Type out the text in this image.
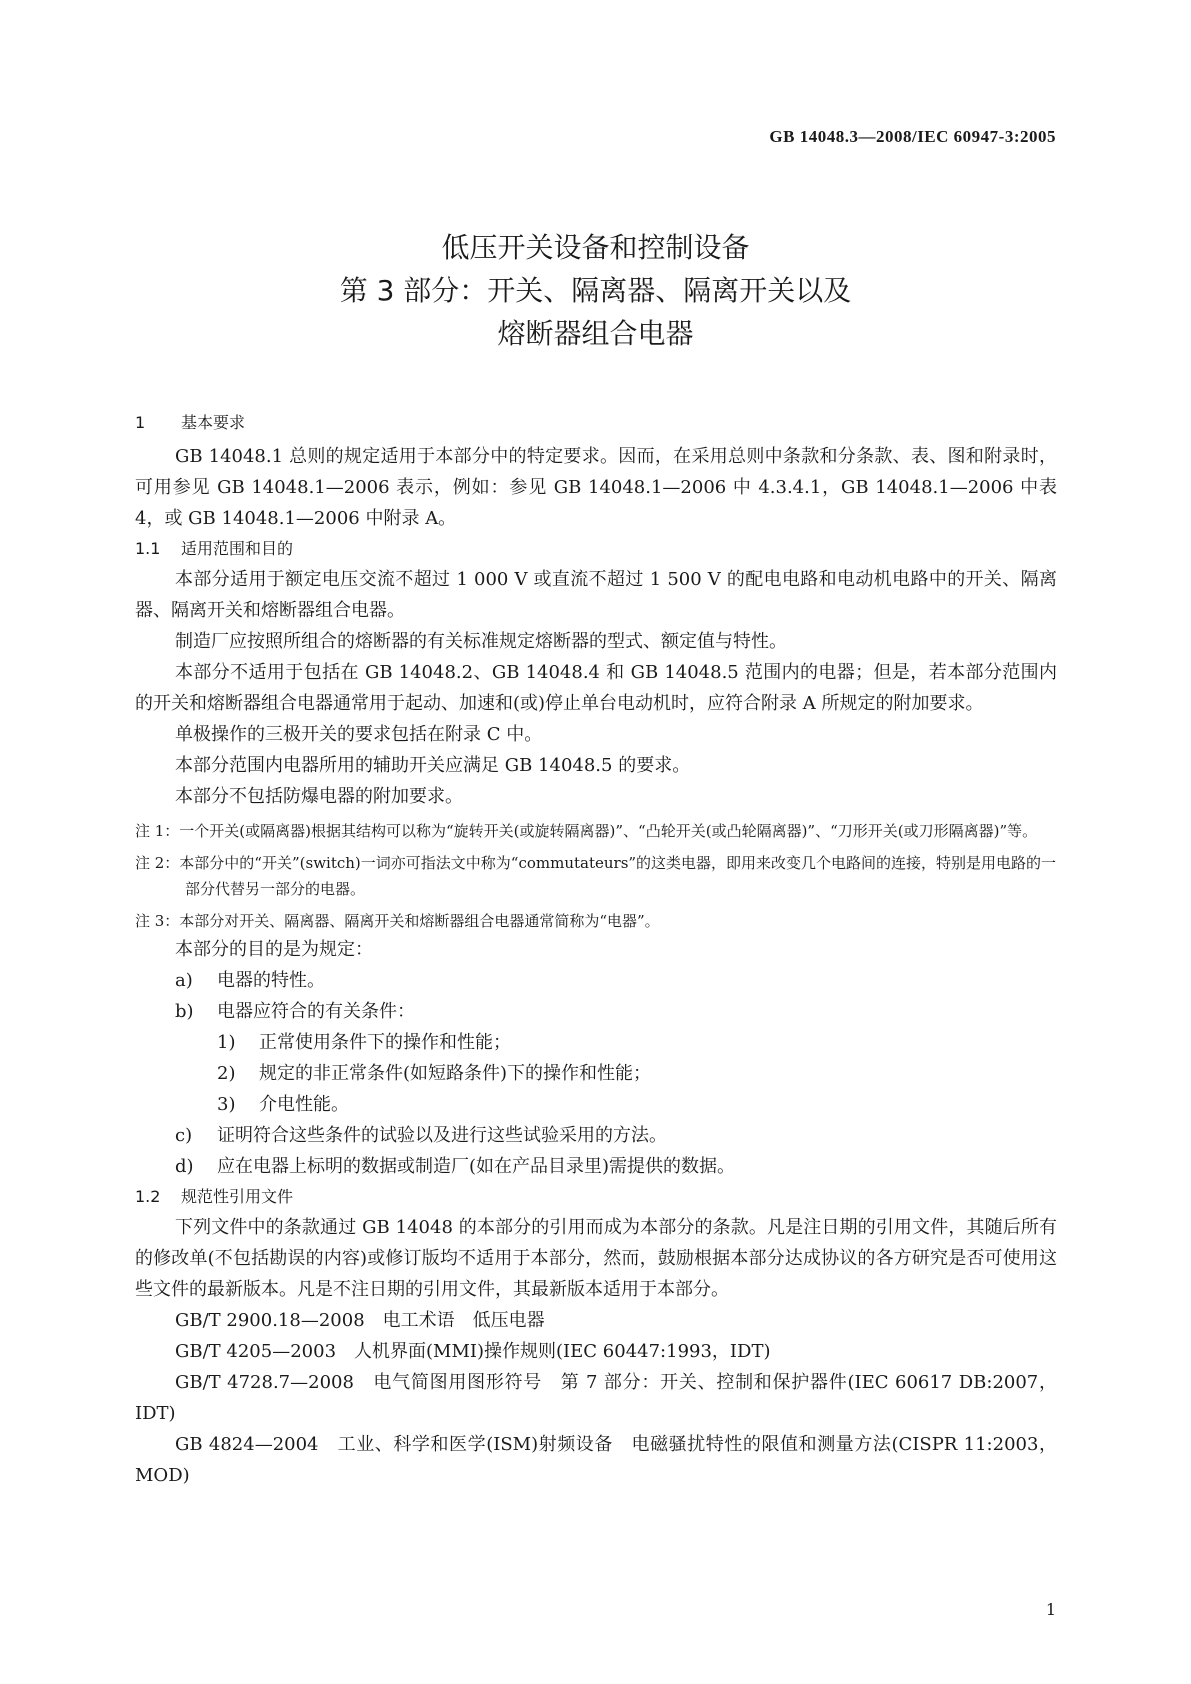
GB 14048.3—2008/IEC 60947-3:2005
低压开关设备和控制设备
第 3 部分：开关、隔离器、隔离开关以及
熔断器组合电器
1 基本要求

GB 14048.1 总则的规定适用于本部分中的特定要求。因而，在采用总则中条款和分条款、表、图和附录时，可用参见 GB 14048.1—2006 表示，例如：参见 GB 14048.1—2006 中 4.3.4.1，GB 14048.1—2006 中表 4，或 GB 14048.1—2006 中附录 A。

1.1 适用范围和目的

本部分适用于额定电压交流不超过 1 000 V 或直流不超过 1 500 V 的配电电路和电动机电路中的开关、隔离器、隔离开关和熔断器组合电器。

制造厂应按照所组合的熔断器的有关标准规定熔断器的型式、额定值与特性。

本部分不适用于包括在 GB 14048.2、GB 14048.4 和 GB 14048.5 范围内的电器；但是，若本部分范围内的开关和熔断器组合电器通常用于起动、加速和(或)停止单台电动机时，应符合附录 A 所规定的附加要求。

单极操作的三极开关的要求包括在附录 C 中。

本部分范围内电器所用的辅助开关应满足 GB 14048.5 的要求。

本部分不包括防爆电器的附加要求。

注 1：一个开关(或隔离器)根据其结构可以称为“旋转开关(或旋转隔离器)”、“凸轮开关(或凸轮隔离器)”、“刀形开关(或刀形隔离器)”等。

注 2：本部分中的“开关”(switch)一词亦可指法文中称为“commutateurs”的这类电器，即用来改变几个电路间的连接，特别是用电路的一部分代替另一部分的电器。

注 3：本部分对开关、隔离器、隔离开关和熔断器组合电器通常简称为“电器”。

本部分的目的是为规定：

a) 电器的特性。
b) 电器应符合的有关条件：
1) 正常使用条件下的操作和性能；
2) 规定的非正常条件(如短路条件)下的操作和性能；
3) 介电性能。
c) 证明符合这些条件的试验以及进行这些试验采用的方法。
d) 应在电器上标明的数据或制造厂(如在产品目录里)需提供的数据。
1.2 规范性引用文件

下列文件中的条款通过 GB 14048 的本部分的引用而成为本部分的条款。凡是注日期的引用文件，其随后所有的修改单(不包括勘误的内容)或修订版均不适用于本部分，然而，鼓励根据本部分达成协议的各方研究是否可使用这些文件的最新版本。凡是不注日期的引用文件，其最新版本适用于本部分。

GB/T 2900.18—2008　电工术语　低压电器

GB/T 4205—2003　人机界面(MMI)操作规则(IEC 60447:1993，IDT)

GB/T 4728.7—2008　电气简图用图形符号　第 7 部分：开关、控制和保护器件(IEC 60617 DB:2007，IDT)

GB 4824—2004　工业、科学和医学(ISM)射频设备　电磁骚扰特性的限值和测量方法(CISPR 11:2003，MOD)

1
